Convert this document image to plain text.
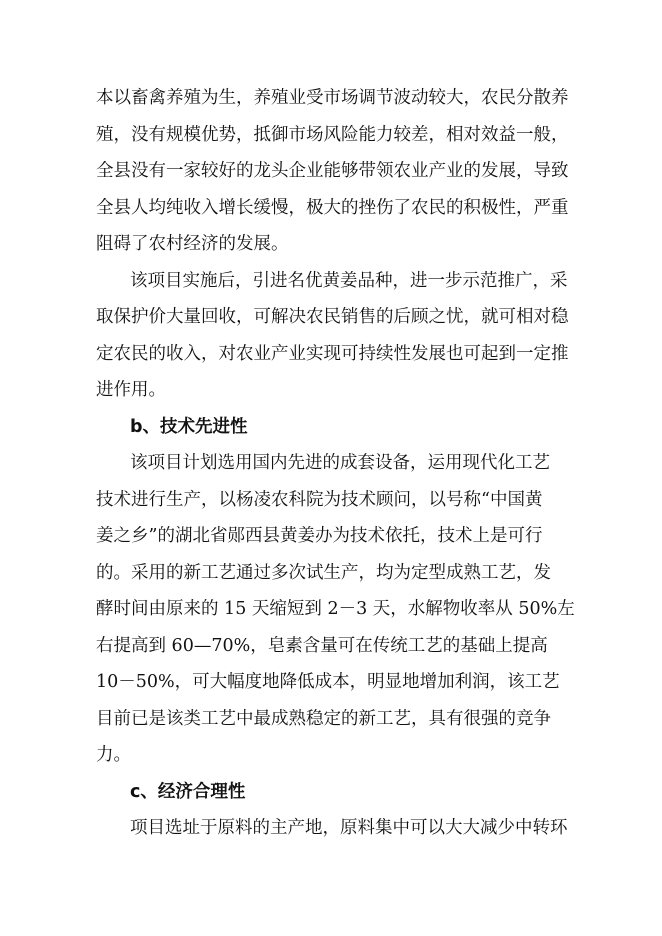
本以畜禽养殖为生，养殖业受市场调节波动较大，农民分散养
殖，没有规模优势，抵御市场风险能力较差，相对效益一般，
全县没有一家较好的龙头企业能够带领农业产业的发展，导致
全县人均纯收入增长缓慢，极大的挫伤了农民的积极性，严重
阻碍了农村经济的发展。
该项目实施后，引进名优黄姜品种，进一步示范推广，采
取保护价大量回收，可解决农民销售的后顾之忧，就可相对稳
定农民的收入，对农业产业实现可持续性发展也可起到一定推
进作用。
b、技术先进性
该项目计划选用国内先进的成套设备，运用现代化工艺
技术进行生产，以杨凌农科院为技术顾问，以号称“中国黄
姜之乡”的湖北省郧西县黄姜办为技术依托，技术上是可行
的。采用的新工艺通过多次试生产，均为定型成熟工艺，发
酵时间由原来的 15 天缩短到 2－3 天，水解物收率从 50%左
右提高到 60—70%，皂素含量可在传统工艺的基础上提高
10－50%，可大幅度地降低成本，明显地增加利润，该工艺
目前已是该类工艺中最成熟稳定的新工艺，具有很强的竞争
力。
c、经济合理性
项目选址于原料的主产地，原料集中可以大大减少中转环
